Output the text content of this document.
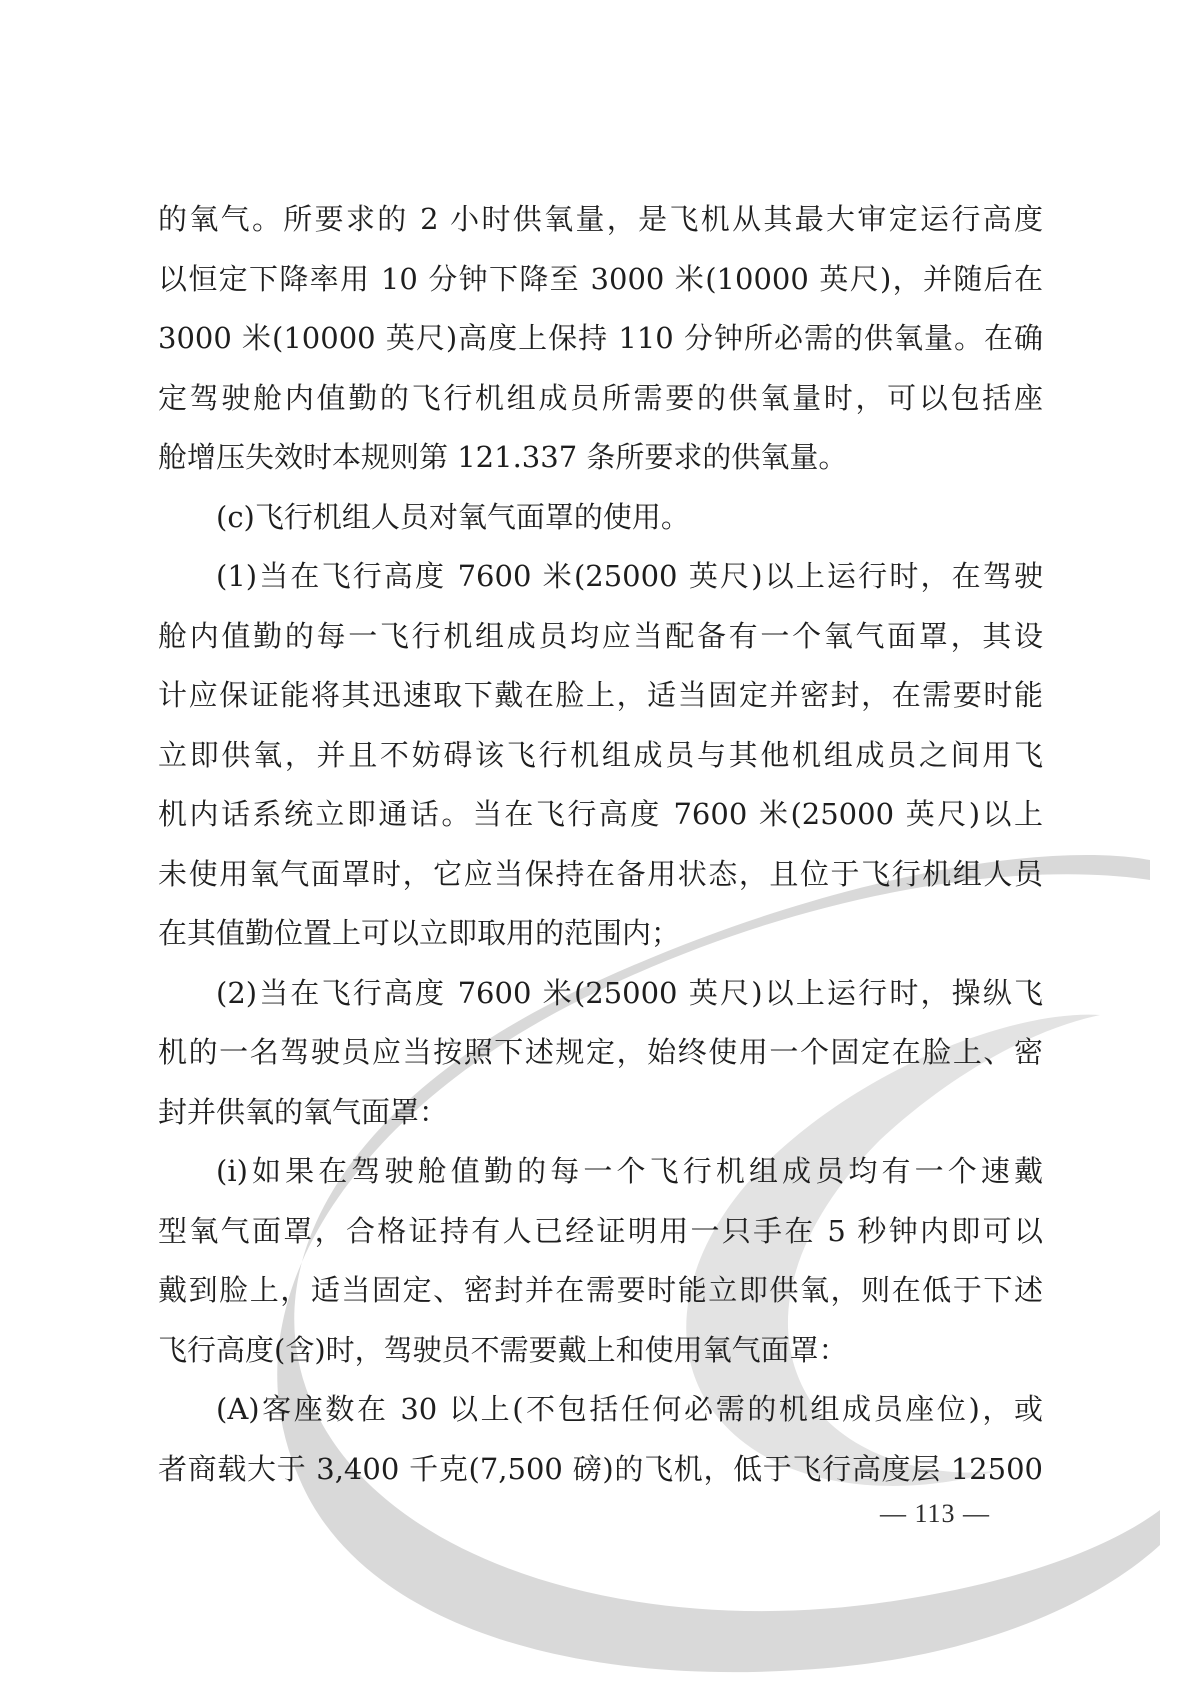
的氧气。所要求的 2 小时供氧量，是飞机从其最大审定运行高度
以恒定下降率用 10 分钟下降至 3000 米(10000 英尺)，并随后在
3000 米(10000 英尺)高度上保持 110 分钟所必需的供氧量。在确
定驾驶舱内值勤的飞行机组成员所需要的供氧量时，可以包括座
舱增压失效时本规则第 121.337 条所要求的供氧量。
(c)飞行机组人员对氧气面罩的使用。
(1)当在飞行高度 7600 米(25000 英尺)以上运行时，在驾驶
舱内值勤的每一飞行机组成员均应当配备有一个氧气面罩，其设
计应保证能将其迅速取下戴在脸上，适当固定并密封，在需要时能
立即供氧，并且不妨碍该飞行机组成员与其他机组成员之间用飞
机内话系统立即通话。当在飞行高度 7600 米(25000 英尺)以上
未使用氧气面罩时，它应当保持在备用状态，且位于飞行机组人员
在其值勤位置上可以立即取用的范围内；
(2)当在飞行高度 7600 米(25000 英尺)以上运行时，操纵飞
机的一名驾驶员应当按照下述规定，始终使用一个固定在脸上、密
封并供氧的氧气面罩：
(i)如果在驾驶舱值勤的每一个飞行机组成员均有一个速戴
型氧气面罩，合格证持有人已经证明用一只手在 5 秒钟内即可以
戴到脸上，适当固定、密封并在需要时能立即供氧，则在低于下述
飞行高度(含)时，驾驶员不需要戴上和使用氧气面罩：
(A)客座数在 30 以上(不包括任何必需的机组成员座位)，或
者商载大于 3,400 千克(7,500 磅)的飞机，低于飞行高度层 12500
— 113 —
